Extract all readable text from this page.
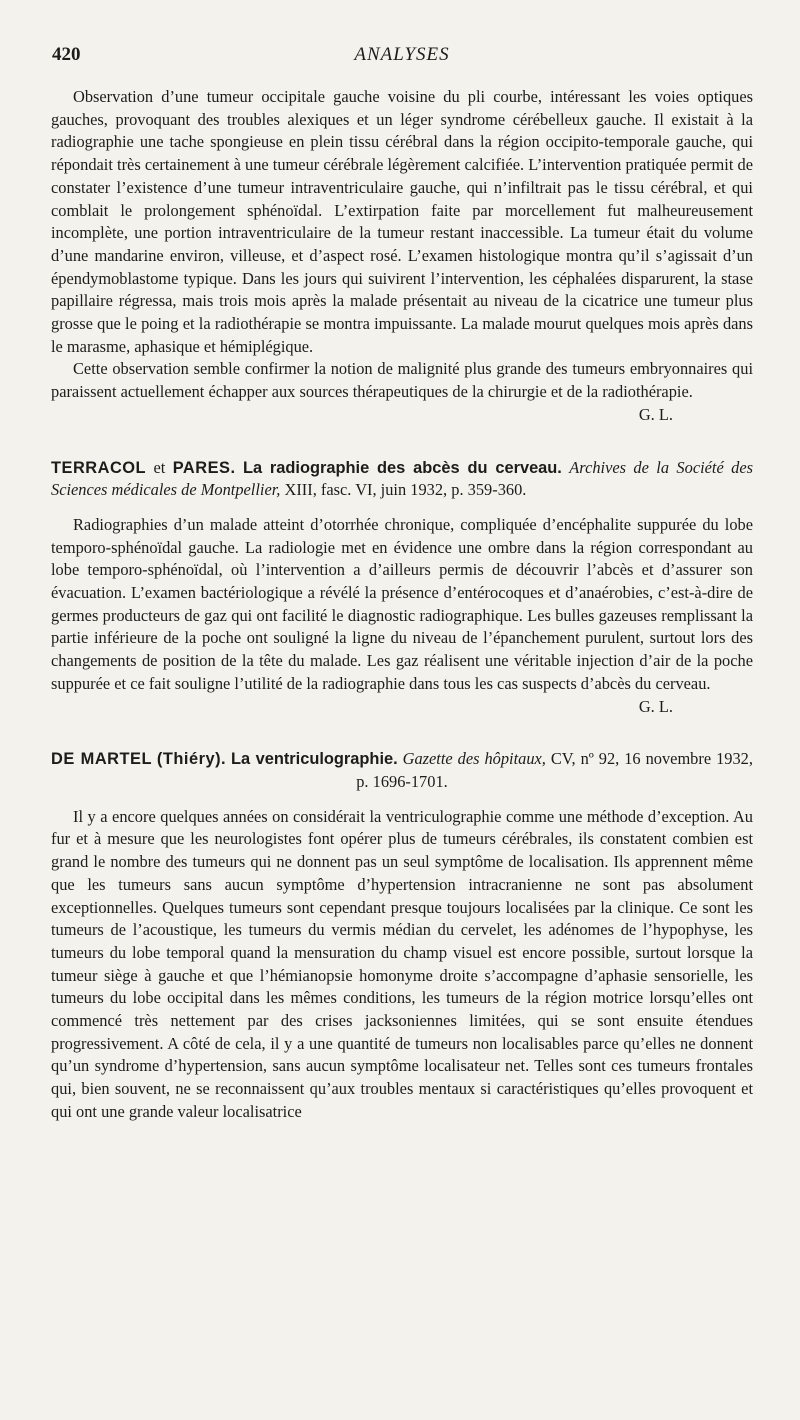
420	ANALYSES

Observation d’une tumeur occipitale gauche voisine du pli courbe, intéressant les voies optiques gauches, provoquant des troubles alexiques et un léger syndrome cérébelleux gauche. Il existait à la radiographie une tache spongieuse en plein tissu cérébral dans la région occipito-temporale gauche, qui répondait très certainement à une tumeur cérébrale légèrement calcifiée. L’intervention pratiquée permit de constater l’existence d’une tumeur intraventriculaire gauche, qui n’infiltrait pas le tissu cérébral, et qui comblait le prolongement sphénoïdal. L’extirpation faite par morcellement fut malheureusement incomplète, une portion intraventriculaire de la tumeur restant inaccessible. La tumeur était du volume d’une mandarine environ, villeuse, et d’aspect rosé. L’examen histologique montra qu’il s’agissait d’un épendymoblastome typique. Dans les jours qui suivirent l’intervention, les céphalées disparurent, la stase papillaire régressa, mais trois mois après la malade présentait au niveau de la cicatrice une tumeur plus grosse que le poing et la radiothérapie se montra impuissante. La malade mourut quelques mois après dans le marasme, aphasique et hémiplégique.

Cette observation semble confirmer la notion de malignité plus grande des tumeurs embryonnaires qui paraissent actuellement échapper aux sources thérapeutiques de la chirurgie et de la radiothérapie.
G. L.

TERRACOL et PARES. La radiographie des abcès du cerveau. Archives de la Société des Sciences médicales de Montpellier, XIII, fasc. VI, juin 1932, p. 359-360.

Radiographies d’un malade atteint d’otorrhée chronique, compliquée d’encéphalite suppurée du lobe temporo-sphénoïdal gauche. La radiologie met en évidence une ombre dans la région correspondant au lobe temporo-sphénoïdal, où l’intervention a d’ailleurs permis de découvrir l’abcès et d’assurer son évacuation. L’examen bactériologique a révélé la présence d’entérocoques et d’anaérobies, c’est-à-dire de germes producteurs de gaz qui ont facilité le diagnostic radiographique. Les bulles gazeuses remplissant la partie inférieure de la poche ont souligné la ligne du niveau de l’épanchement purulent, surtout lors des changements de position de la tête du malade. Les gaz réalisent une véritable injection d’air de la poche suppurée et ce fait souligne l’utilité de la radiographie dans tous les cas suspects d’abcès du cerveau.
G. L.

DE MARTEL (Thiéry). La ventriculographie. Gazette des hôpitaux, CV, nº 92, 16 novembre 1932, p. 1696-1701.

Il y a encore quelques années on considérait la ventriculographie comme une méthode d’exception. Au fur et à mesure que les neurologistes font opérer plus de tumeurs cérébrales, ils constatent combien est grand le nombre des tumeurs qui ne donnent pas un seul symptôme de localisation. Ils apprennent même que les tumeurs sans aucun symptôme d’hypertension intracranienne ne sont pas absolument exceptionnelles. Quelques tumeurs sont cependant presque toujours localisées par la clinique. Ce sont les tumeurs de l’acoustique, les tumeurs du vermis médian du cervelet, les adénomes de l’hypophyse, les tumeurs du lobe temporal quand la mensuration du champ visuel est encore possible, surtout lorsque la tumeur siège à gauche et que l’hémianopsie homonyme droite s’accompagne d’aphasie sensorielle, les tumeurs du lobe occipital dans les mêmes conditions, les tumeurs de la région motrice lorsqu’elles ont commencé très nettement par des crises jacksoniennes limitées, qui se sont ensuite étendues progressivement. A côté de cela, il y a une quantité de tumeurs non localisables parce qu’elles ne donnent qu’un syndrome d’hypertension, sans aucun symptôme localisateur net. Telles sont ces tumeurs frontales qui, bien souvent, ne se reconnaissent qu’aux troubles mentaux si caractéristiques qu’elles provoquent et qui ont une grande valeur localisatrice
